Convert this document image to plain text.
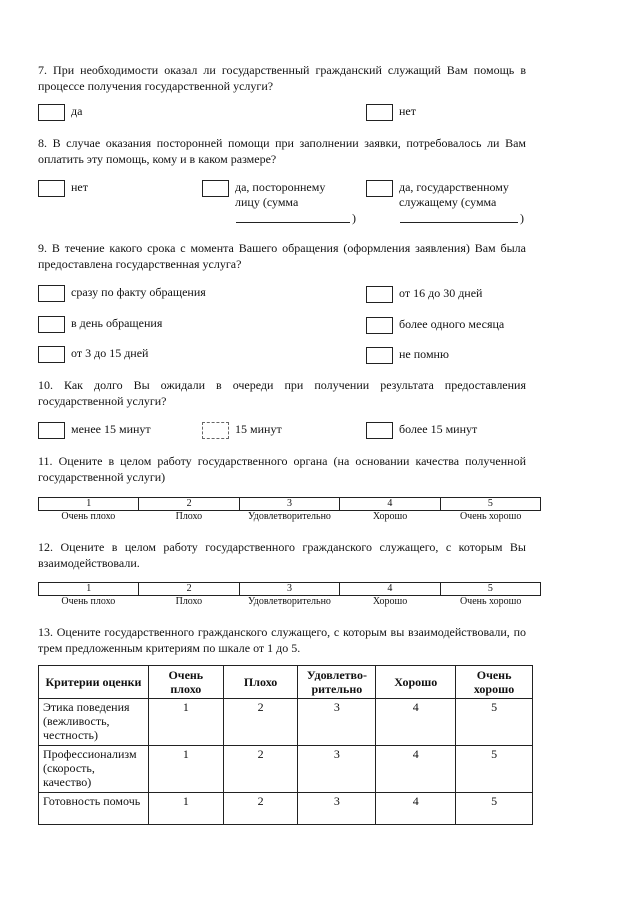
7. При необходимости оказал ли государственный гражданский служащий Вам помощь в процессе получения государственной услуги?
да	нет
8. В случае оказания посторонней помощи при заполнении заявки, потребовалось ли Вам оплатить эту помощь, кому и в каком размере?
нет	да, постороннему лицу (сумма
)
да, государственному служащему (сумма
)
9. В течение какого срока с момента Вашего обращения (оформления заявления) Вам была предоставлена государственная услуга?
сразу по факту обращения
в день обращения
от 3 до 15 дней
от 16 до 30 дней
более одного месяца
не помню
10. Как долго Вы ожидали в очереди при получении результата предоставления государственной услуги?
менее 15 минут	15 минут	более 15 минут
11. Оцените в целом работу государственного органа (на основании качества полученной государственной услуги)
1	2	3	4	5
Очень плохо	Плохо	Удовлетворительно	Хорошо	Очень хорошо
12. Оцените в целом работу государственного гражданского служащего, с которым Вы взаимодействовали.
1	2	3	4	5
Очень плохо	Плохо	Удовлетворительно	Хорошо	Очень хорошо
13. Оцените государственного гражданского служащего, с которым вы взаимодействовали, по трем предложенным критериям по шкале от 1 до 5.
Критерии оценки	Очень плохо	Плохо	Удовлетво-рительно	Хорошо	Очень хорошо
Этика поведения (вежливость, честность)	1	2	3	4	5
Профессионализм (скорость, качество)	1	2	3	4	5
Готовность помочь	1	2	3	4	5
